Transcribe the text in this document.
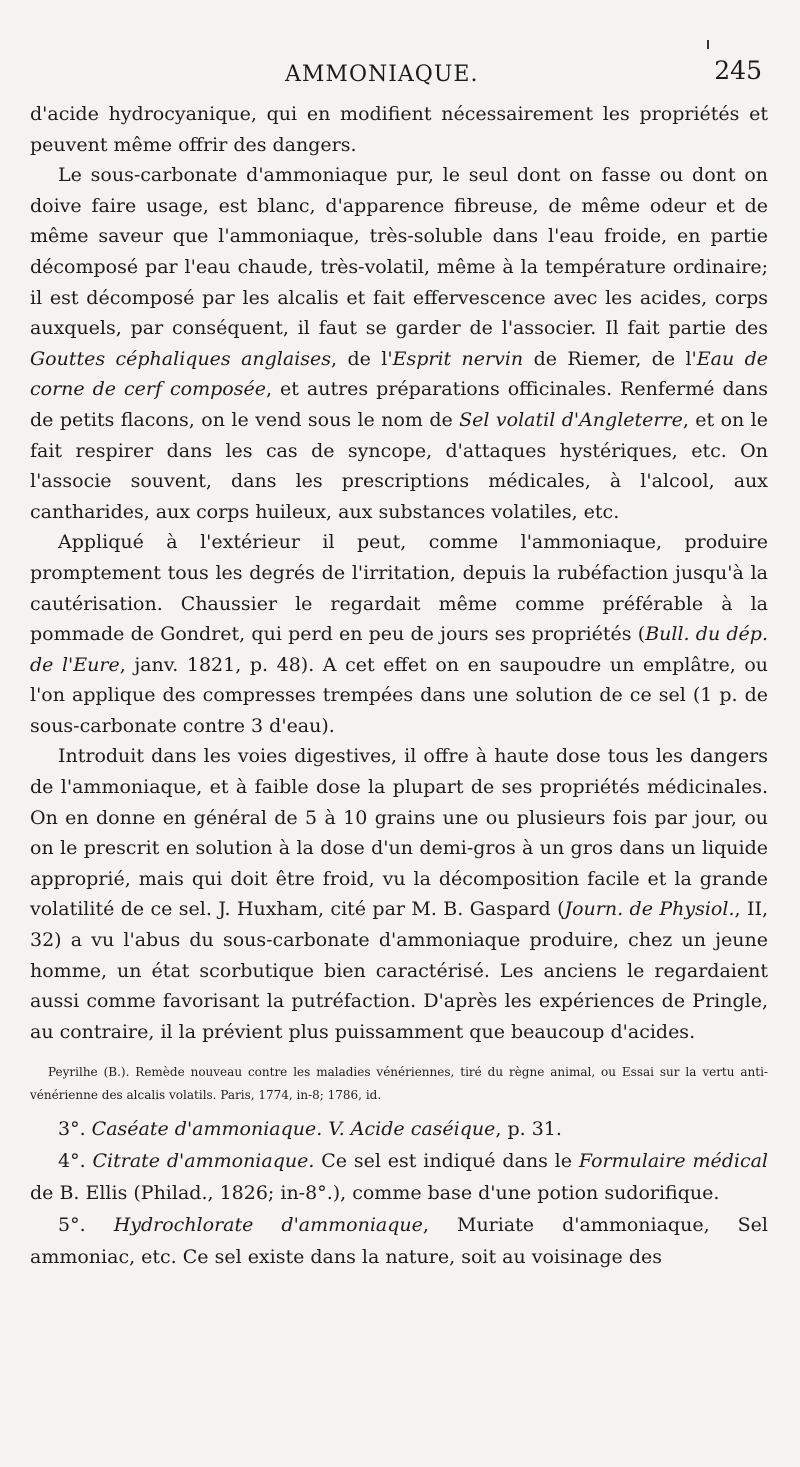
AMMONIAQUE.	245

d'acide hydrocyanique, qui en modifient nécessairement les propriétés et peuvent même offrir des dangers.

Le sous-carbonate d'ammoniaque pur, le seul dont on fasse ou dont on doive faire usage, est blanc, d'apparence fibreuse, de même odeur et de même saveur que l'ammoniaque, très-soluble dans l'eau froide, en partie décomposé par l'eau chaude, très-volatil, même à la température ordinaire; il est décomposé par les alcalis et fait effervescence avec les acides, corps auxquels, par conséquent, il faut se garder de l'associer. Il fait partie des Gouttes céphaliques anglaises, de l'Esprit nervin de Riemer, de l'Eau de corne de cerf composée, et autres préparations officinales. Renfermé dans de petits flacons, on le vend sous le nom de Sel volatil d'Angleterre, et on le fait respirer dans les cas de syncope, d'attaques hystériques, etc. On l'associe souvent, dans les prescriptions médicales, à l'alcool, aux cantharides, aux corps huileux, aux substances volatiles, etc.

Appliqué à l'extérieur il peut, comme l'ammoniaque, produire promptement tous les degrés de l'irritation, depuis la rubéfaction jusqu'à la cautérisation. Chaussier le regardait même comme préférable à la pommade de Gondret, qui perd en peu de jours ses propriétés (Bull. du dép. de l'Eure, janv. 1821, p. 48). A cet effet on en saupoudre un emplâtre, ou l'on applique des compresses trempées dans une solution de ce sel (1 p. de sous-carbonate contre 3 d'eau).

Introduit dans les voies digestives, il offre à haute dose tous les dangers de l'ammoniaque, et à faible dose la plupart de ses propriétés médicinales. On en donne en général de 5 à 10 grains une ou plusieurs fois par jour, ou on le prescrit en solution à la dose d'un demi-gros à un gros dans un liquide approprié, mais qui doit être froid, vu la décomposition facile et la grande volatilité de ce sel. J. Huxham, cité par M. B. Gaspard (Journ. de Physiol., II, 32) a vu l'abus du sous-carbonate d'ammoniaque produire, chez un jeune homme, un état scorbutique bien caractérisé. Les anciens le regardaient aussi comme favorisant la putréfaction. D'après les expériences de Pringle, au contraire, il la prévient plus puissamment que beaucoup d'acides.

Peyrilhe (B.). Remède nouveau contre les maladies vénériennes, tiré du règne animal, ou Essai sur la vertu anti-vénérienne des alcalis volatils. Paris, 1774, in-8; 1786, id.

3°. Caséate d'ammoniaque. V. Acide caséique, p. 31.

4°. Citrate d'ammoniaque. Ce sel est indiqué dans le Formulaire médical de B. Ellis (Philad., 1826; in-8°.), comme base d'une potion sudorifique.

5°. Hydrochlorate d'ammoniaque, Muriate d'ammoniaque, Sel ammoniac, etc. Ce sel existe dans la nature, soit au voisinage des
